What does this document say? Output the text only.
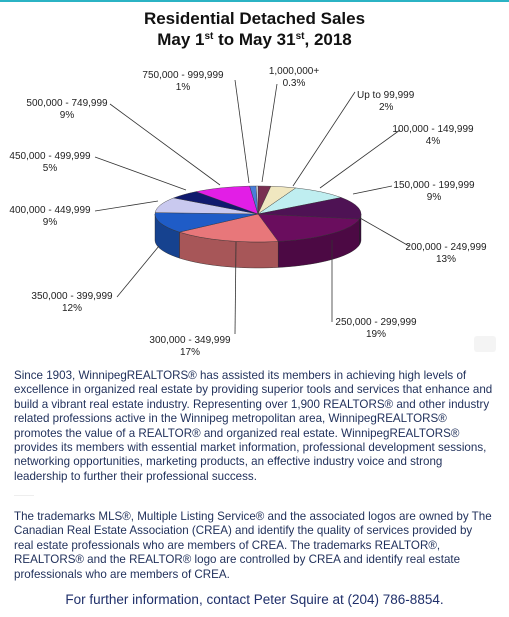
Residential Detached Sales
May 1st to May 31st, 2018
Up to 99,999
2%
100,000 - 149,999
4%
150,000 - 199,999
9%
200,000 - 249,999
13%
250,000 - 299,999
19%
300,000 - 349,999
17%
350,000 - 399,999
12%
400,000 - 449,999
9%
450,000 - 499,999
5%
500,000 - 749,999
9%
750,000 - 999,999
1%
1,000,000+
0.3%
Since 1903, WinnipegREALTORS® has assisted its members in achieving high levels of excellence in organized real estate by providing superior tools and services that enhance and build a vibrant real estate industry. Representing over 1,900 REALTORS® and other industry related professions active in the Winnipeg metropolitan area, WinnipegREALTORS® promotes the value of a REALTOR® and organized real estate. WinnipegREALTORS® provides its members with essential market information, professional development sessions, networking opportunities, marketing products, an effective industry voice and strong leadership to further their professional success.
The trademarks MLS®, Multiple Listing Service® and the associated logos are owned by The Canadian Real Estate Association (CREA) and identify the quality of services provided by real estate professionals who are members of CREA. The trademarks REALTOR®, REALTORS® and the REALTOR® logo are controlled by CREA and identify real estate professionals who are members of CREA.
For further information, contact Peter Squire at (204) 786-8854.
